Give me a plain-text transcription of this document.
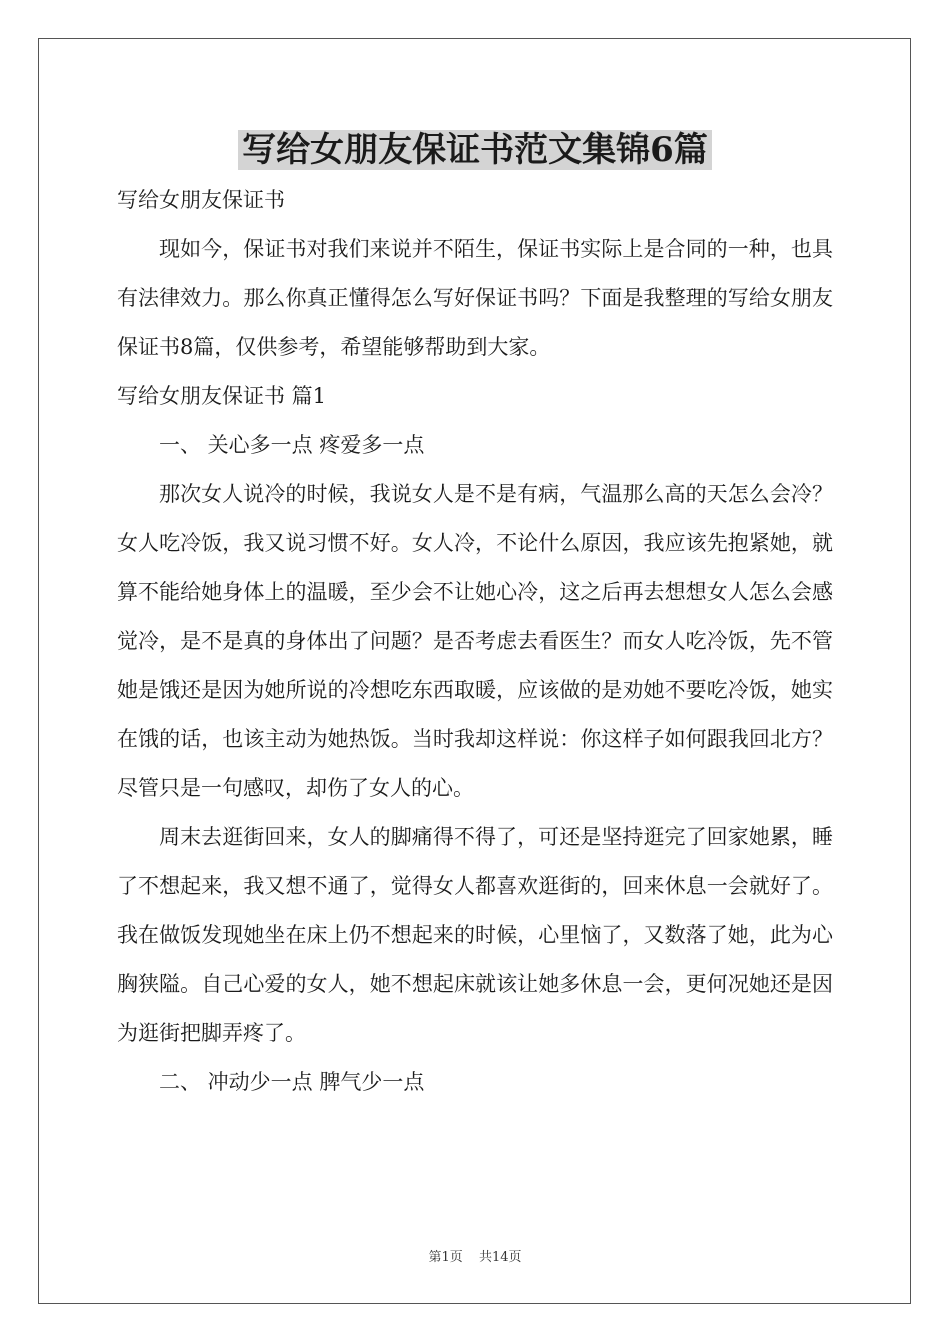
写给女朋友保证书范文集锦6篇

写给女朋友保证书

现如今，保证书对我们来说并不陌生，保证书实际上是合同的一种，也具有法律效力。那么你真正懂得怎么写好保证书吗？下面是我整理的写给女朋友保证书8篇，仅供参考，希望能够帮助到大家。

写给女朋友保证书 篇1

一、 关心多一点 疼爱多一点

那次女人说冷的时候，我说女人是不是有病，气温那么高的天怎么会冷？女人吃冷饭，我又说习惯不好。女人冷，不论什么原因，我应该先抱紧她，就算不能给她身体上的温暖，至少会不让她心冷，这之后再去想想女人怎么会感觉冷，是不是真的身体出了问题？是否考虑去看医生？而女人吃冷饭，先不管她是饿还是因为她所说的冷想吃东西取暖，应该做的是劝她不要吃冷饭，她实在饿的话，也该主动为她热饭。当时我却这样说：你这样子如何跟我回北方？尽管只是一句感叹，却伤了女人的心。

周末去逛街回来，女人的脚痛得不得了，可还是坚持逛完了回家她累，睡了不想起来，我又想不通了，觉得女人都喜欢逛街的，回来休息一会就好了。我在做饭发现她坐在床上仍不想起来的时候，心里恼了，又数落了她，此为心胸狭隘。自己心爱的女人，她不想起床就该让她多休息一会，更何况她还是因为逛街把脚弄疼了。

二、 冲动少一点 脾气少一点

第1页 共14页
